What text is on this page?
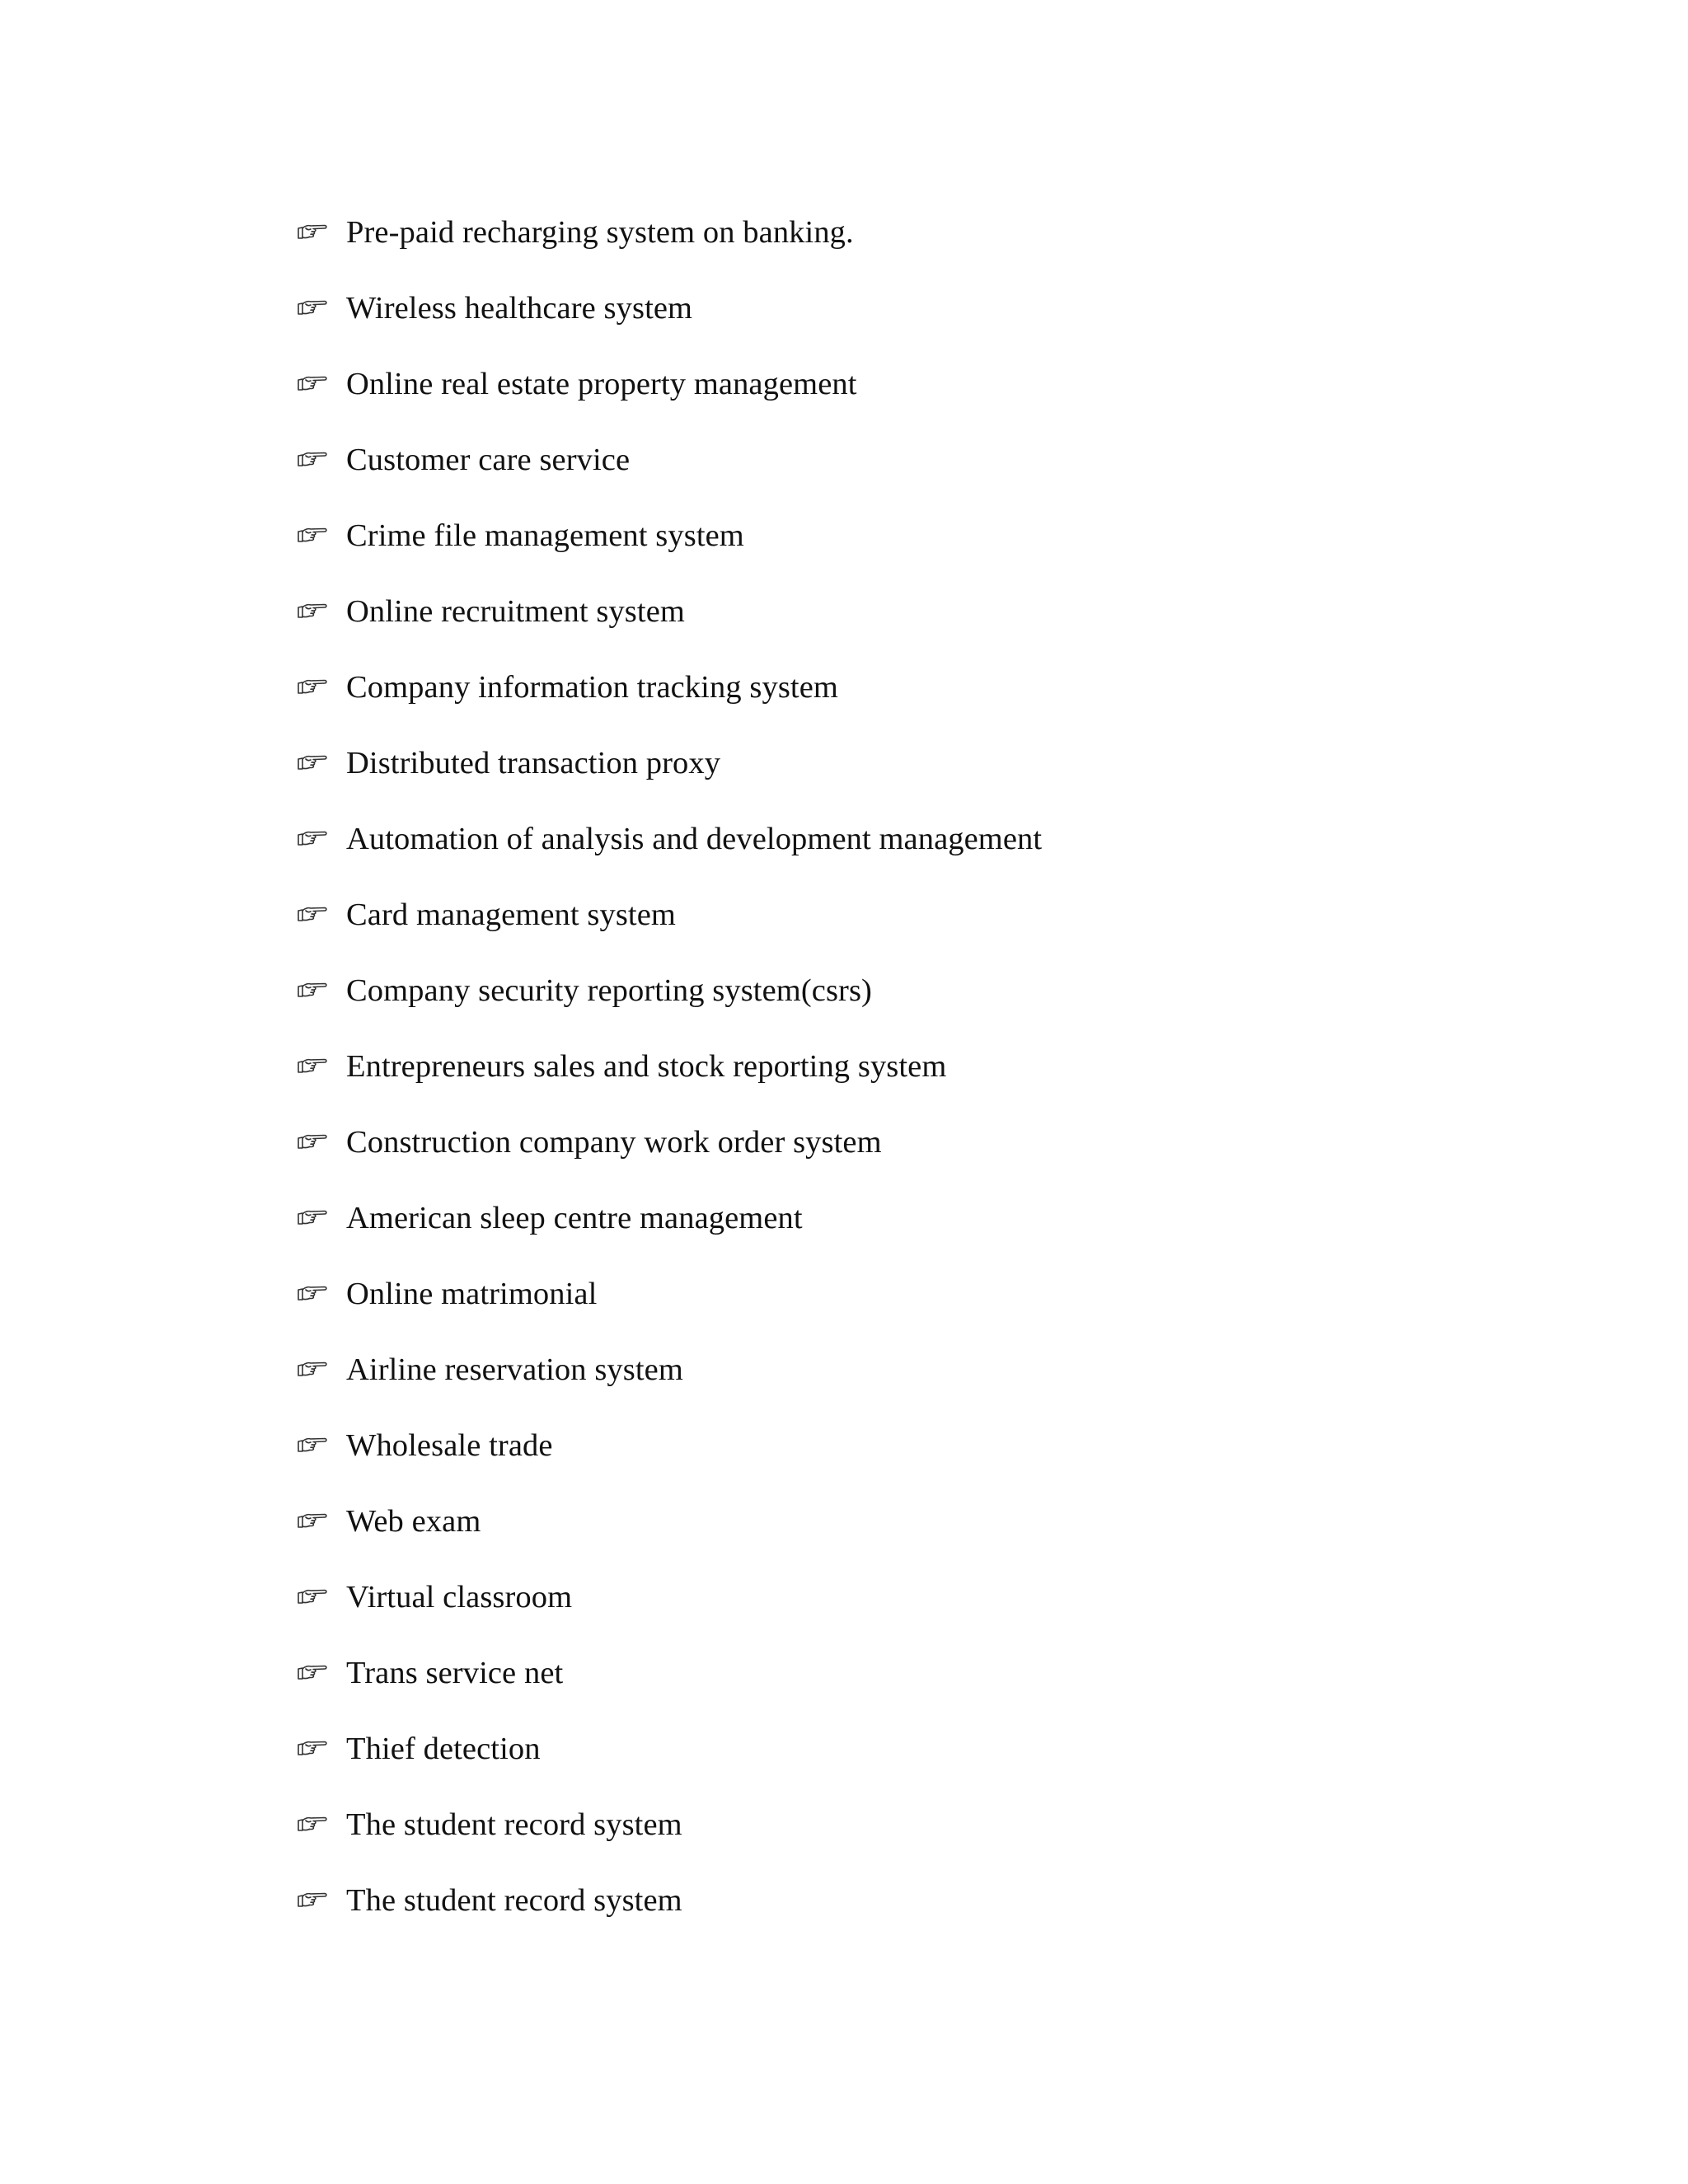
Pre-paid recharging system on banking.
Wireless healthcare system
Online real estate property management
Customer care service
Crime file management system
Online recruitment system
Company information tracking system
Distributed transaction proxy
Automation of analysis and development management
Card management system
Company security reporting system(csrs)
Entrepreneurs sales and stock reporting system
Construction company work order system
American sleep centre management
Online matrimonial
Airline reservation system
Wholesale trade
Web exam
Virtual classroom
Trans service net
Thief detection
The student record system
The student record system
